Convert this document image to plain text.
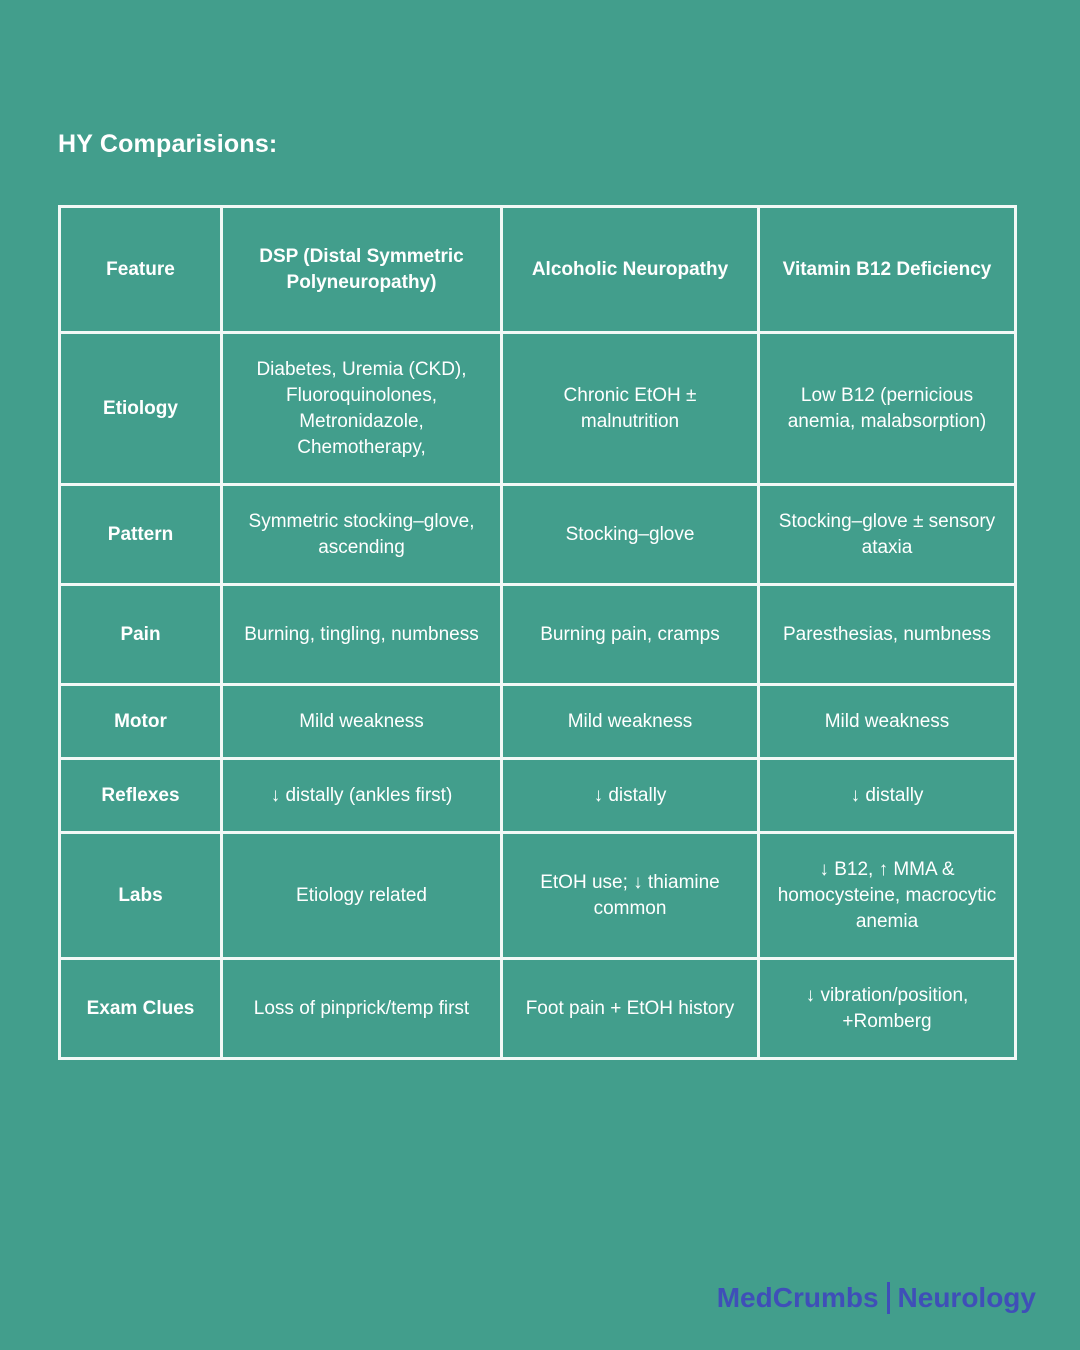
HY Comparisions:
Feature	DSP (Distal Symmetric Polyneuropathy)	Alcoholic Neuropathy	Vitamin B12 Deficiency
Etiology	Diabetes, Uremia (CKD), Fluoroquinolones, Metronidazole, Chemotherapy,	Chronic EtOH ± malnutrition	Low B12 (pernicious anemia, malabsorption)
Pattern	Symmetric stocking–glove, ascending	Stocking–glove	Stocking–glove ± sensory ataxia
Pain	Burning, tingling, numbness	Burning pain, cramps	Paresthesias, numbness
Motor	Mild weakness	Mild weakness	Mild weakness
Reflexes	↓ distally (ankles first)	↓ distally	↓ distally
Labs	Etiology related	EtOH use; ↓ thiamine common	↓ B12, ↑ MMA & homocysteine, macrocytic anemia
Exam Clues	Loss of pinprick/temp first	Foot pain + EtOH history	↓ vibration/position, +Romberg
MedCrumbs Neurology
